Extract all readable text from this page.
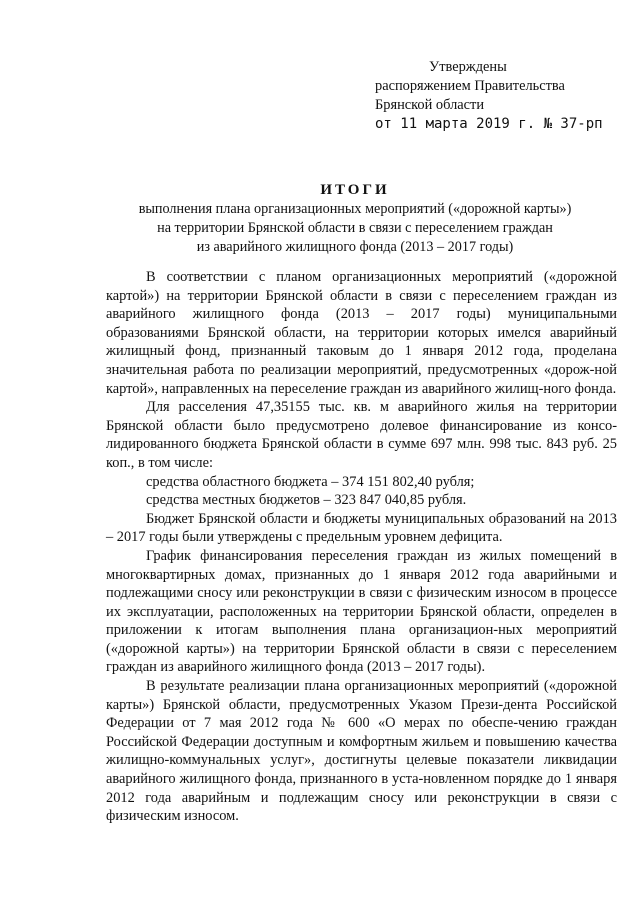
Утверждены
распоряжением Правительства
Брянской области
от 11 марта 2019 г. № 37-рп
ИТОГИ
выполнения плана организационных мероприятий («дорожной карты»)
на территории Брянской области в связи с переселением граждан
из аварийного жилищного фонда (2013 – 2017 годы)

В соответствии с планом организационных мероприятий («дорожной картой») на территории Брянской области в связи с переселением граждан из аварийного жилищного фонда (2013 – 2017 годы) муниципальными образованиями Брянской области, на территории которых имелся аварийный жилищный фонд, признанный таковым до 1 января 2012 года, проделана значительная работа по реализации мероприятий, предусмотренных «дорож-ной картой», направленных на переселение граждан из аварийного жилищ-ного фонда.

Для расселения 47,35155 тыс. кв. м аварийного жилья на территории Брянской области было предусмотрено долевое финансирование из консо-лидированного бюджета Брянской области в сумме 697 млн. 998 тыс. 843 руб. 25 коп., в том числе:

средства областного бюджета – 374 151 802,40 рубля;

средства местных бюджетов – 323 847 040,85 рубля.

Бюджет Брянской области и бюджеты муниципальных образований на 2013 – 2017 годы были утверждены с предельным уровнем дефицита.

График финансирования переселения граждан из жилых помещений в многоквартирных домах, признанных до 1 января 2012 года аварийными и подлежащими сносу или реконструкции в связи с физическим износом в процессе их эксплуатации, расположенных на территории Брянской области, определен в приложении к итогам выполнения плана организацион-ных мероприятий («дорожной карты») на территории Брянской области в связи с переселением граждан из аварийного жилищного фонда (2013 – 2017 годы).

В результате реализации плана организационных мероприятий («дорожной карты») Брянской области, предусмотренных Указом Прези-дента Российской Федерации от 7 мая 2012 года № 600 «О мерах по обеспе-чению граждан Российской Федерации доступным и комфортным жильем и повышению качества жилищно-коммунальных услуг», достигнуты целевые показатели ликвидации аварийного жилищного фонда, признанного в уста-новленном порядке до 1 января 2012 года аварийным и подлежащим сносу или реконструкции в связи с физическим износом.
